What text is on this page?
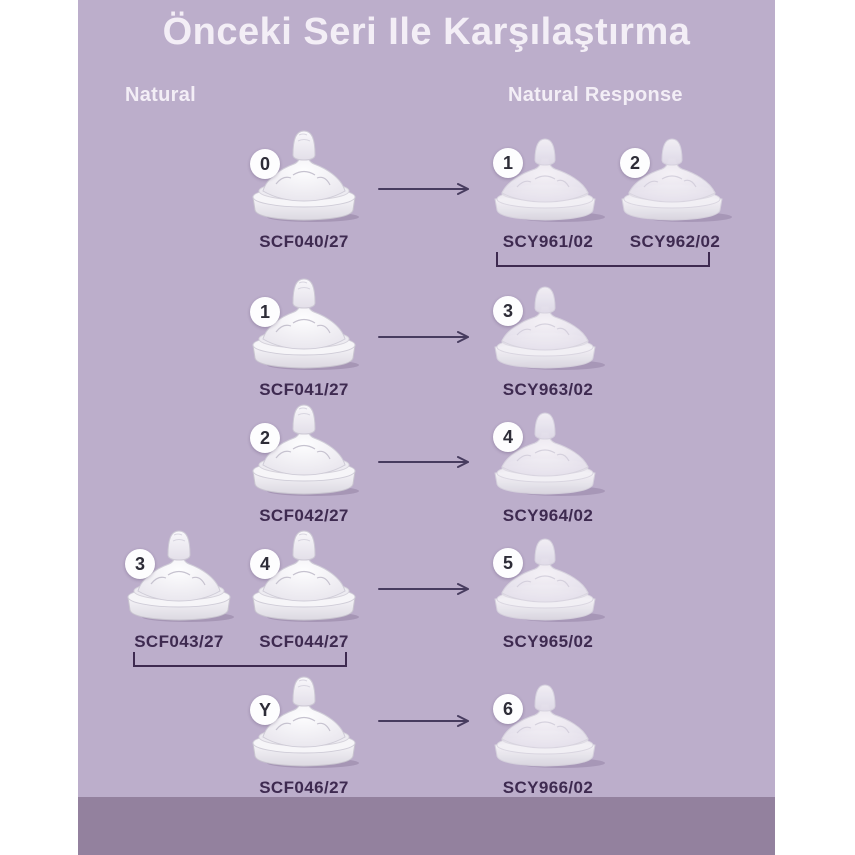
Önceki Seri Ile Karşılaştırma
Natural	Natural Response
0
SCF040/27
1
SCY961/02
2
SCY962/02
1
SCF041/27
3
SCY963/02
2
SCF042/27
4
SCY964/02
3
SCF043/27
4
SCF044/27
5
SCY965/02
Y
SCF046/27
6
SCY966/02
